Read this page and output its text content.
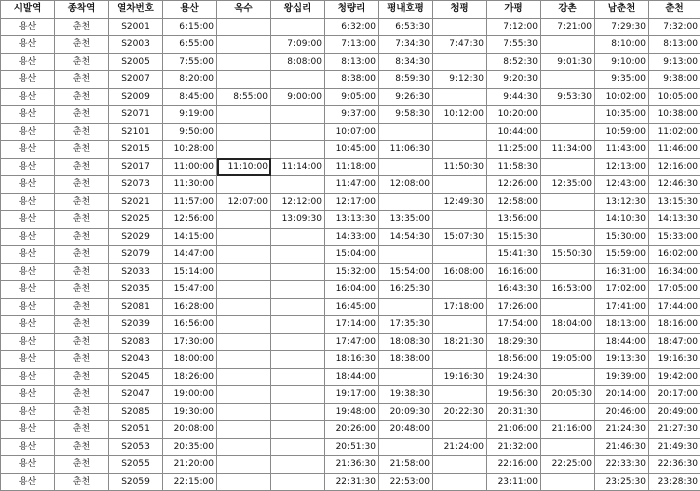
시발역	종착역	열차번호	용산	옥수	왕십리	청량리	평내호평	청평	가평	강촌	남춘천	춘천
용산	춘천	S2001	6:15:00			6:32:00	6:53:30		7:12:00	7:21:00	7:29:30	7:32:00
용산	춘천	S2003	6:55:00		7:09:00	7:13:00	7:34:30	7:47:30	7:55:30		8:10:00	8:13:00
용산	춘천	S2005	7:55:00		8:08:00	8:13:00	8:34:30		8:52:30	9:01:30	9:10:00	9:13:00
용산	춘천	S2007	8:20:00			8:38:00	8:59:30	9:12:30	9:20:30		9:35:00	9:38:00
용산	춘천	S2009	8:45:00	8:55:00	9:00:00	9:05:00	9:26:30		9:44:30	9:53:30	10:02:00	10:05:00
용산	춘천	S2071	9:19:00			9:37:00	9:58:30	10:12:00	10:20:00		10:35:00	10:38:00
용산	춘천	S2101	9:50:00			10:07:00			10:44:00		10:59:00	11:02:00
용산	춘천	S2015	10:28:00			10:45:00	11:06:30		11:25:00	11:34:00	11:43:00	11:46:00
용산	춘천	S2017	11:00:00	11:10:00	11:14:00	11:18:00		11:50:30	11:58:30		12:13:00	12:16:00
용산	춘천	S2073	11:30:00			11:47:00	12:08:00		12:26:00	12:35:00	12:43:00	12:46:30
용산	춘천	S2021	11:57:00	12:07:00	12:12:00	12:17:00		12:49:30	12:58:00		13:12:30	13:15:30
용산	춘천	S2025	12:56:00		13:09:30	13:13:30	13:35:00		13:56:00		14:10:30	14:13:30
용산	춘천	S2029	14:15:00			14:33:00	14:54:30	15:07:30	15:15:30		15:30:00	15:33:00
용산	춘천	S2079	14:47:00			15:04:00			15:41:30	15:50:30	15:59:00	16:02:00
용산	춘천	S2033	15:14:00			15:32:00	15:54:00	16:08:00	16:16:00		16:31:00	16:34:00
용산	춘천	S2035	15:47:00			16:04:00	16:25:30		16:43:30	16:53:00	17:02:00	17:05:00
용산	춘천	S2081	16:28:00			16:45:00		17:18:00	17:26:00		17:41:00	17:44:00
용산	춘천	S2039	16:56:00			17:14:00	17:35:30		17:54:00	18:04:00	18:13:00	18:16:00
용산	춘천	S2083	17:30:00			17:47:00	18:08:30	18:21:30	18:29:30		18:44:00	18:47:00
용산	춘천	S2043	18:00:00			18:16:30	18:38:00		18:56:00	19:05:00	19:13:30	19:16:30
용산	춘천	S2045	18:26:00			18:44:00		19:16:30	19:24:30		19:39:00	19:42:00
용산	춘천	S2047	19:00:00			19:17:00	19:38:30		19:56:30	20:05:30	20:14:00	20:17:00
용산	춘천	S2085	19:30:00			19:48:00	20:09:30	20:22:30	20:31:30		20:46:00	20:49:00
용산	춘천	S2051	20:08:00			20:26:00	20:48:00		21:06:00	21:16:00	21:24:30	21:27:30
용산	춘천	S2053	20:35:00			20:51:30		21:24:00	21:32:00		21:46:30	21:49:30
용산	춘천	S2055	21:20:00			21:36:30	21:58:00		22:16:00	22:25:00	22:33:30	22:36:30
용산	춘천	S2059	22:15:00			22:31:30	22:53:00		23:11:00		23:25:30	23:28:30
